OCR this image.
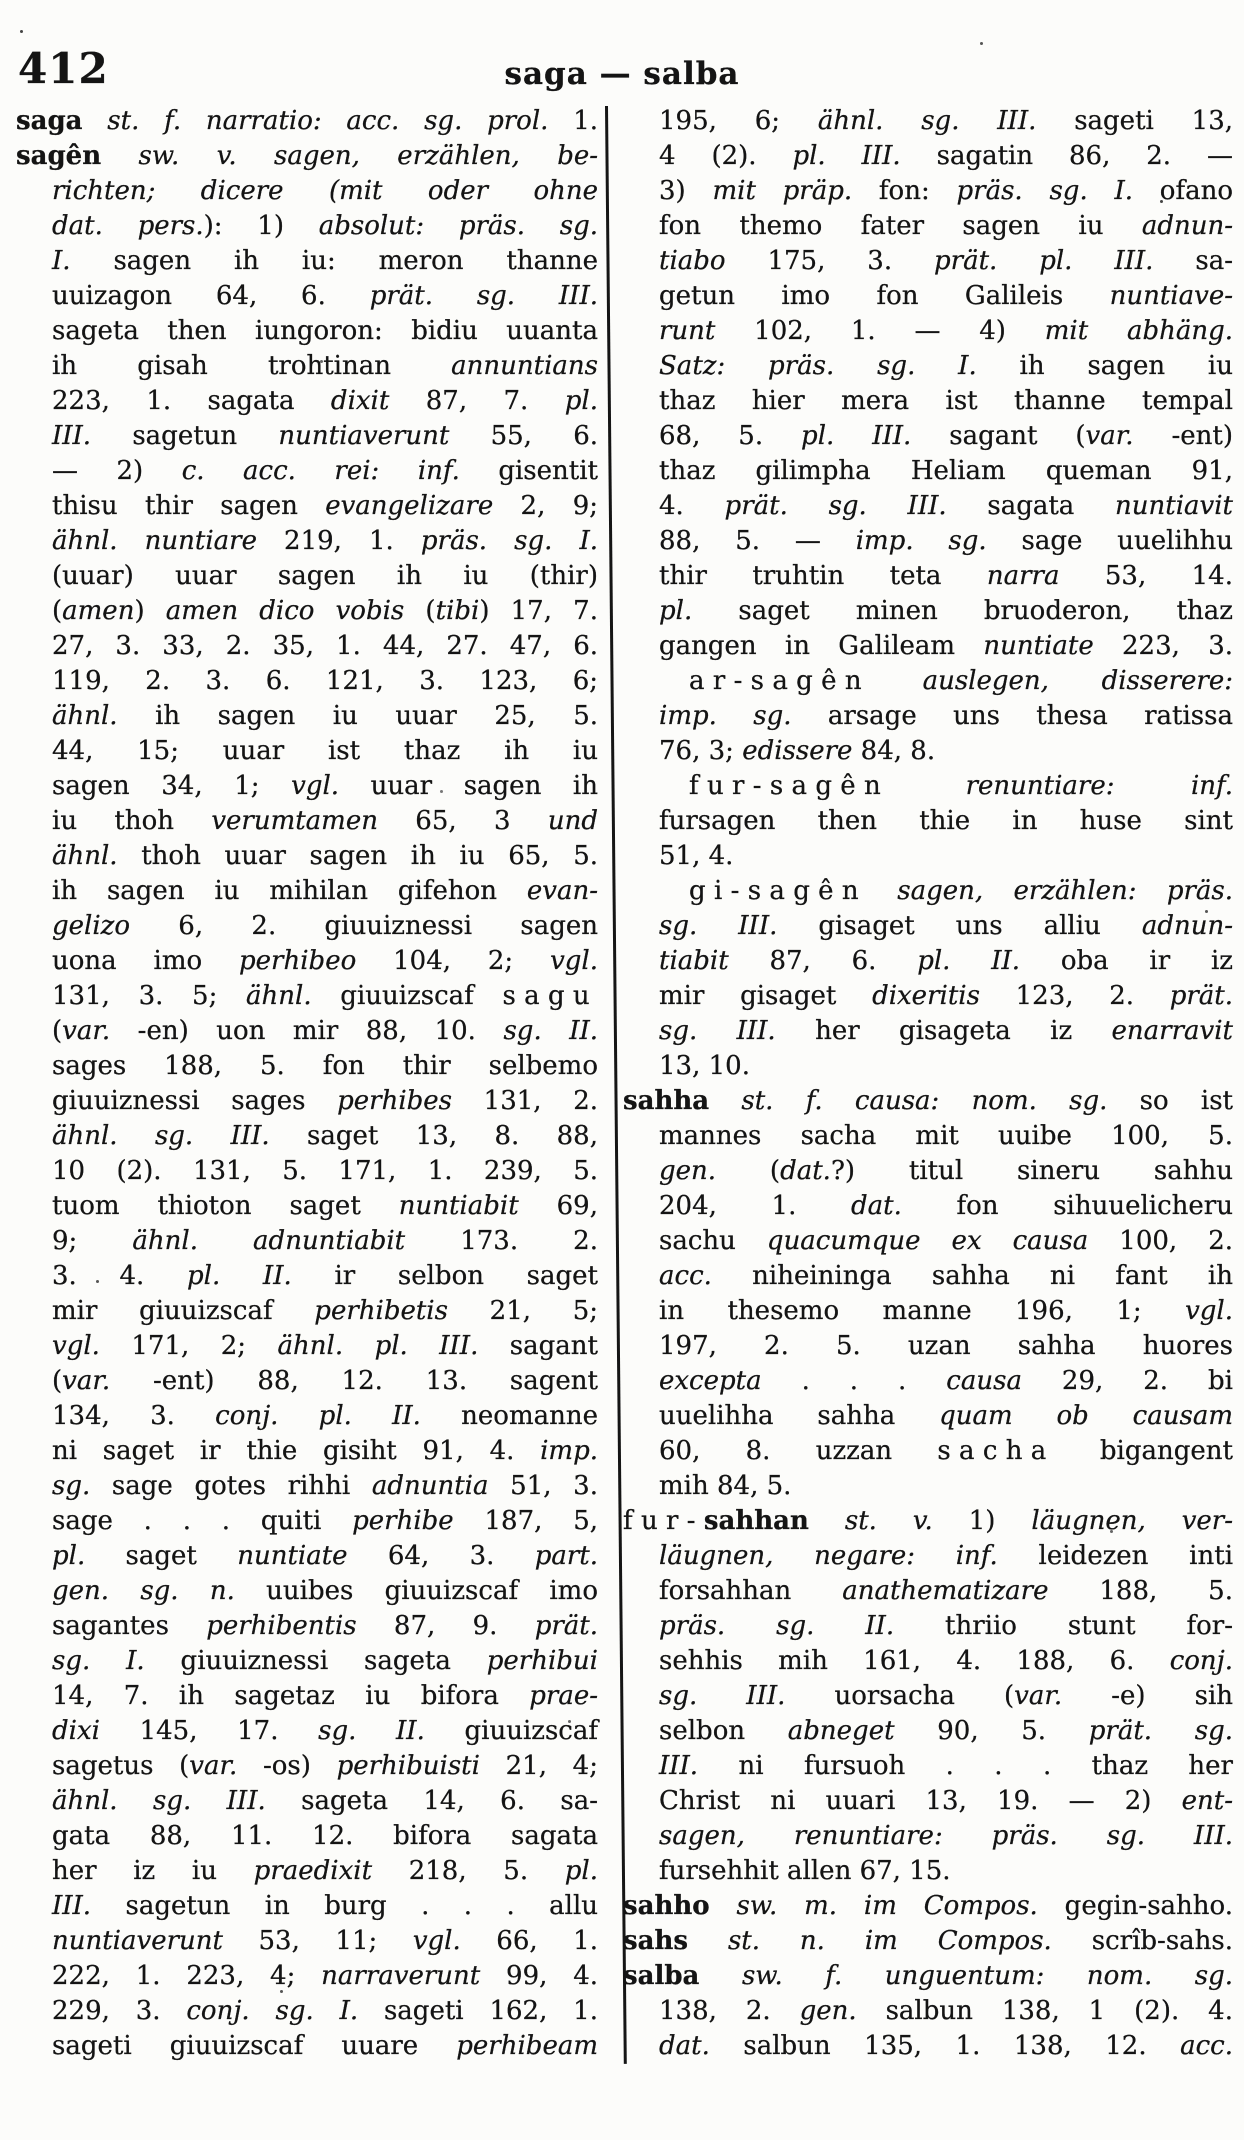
412	saga — salba
saga st. f. narratio: acc. sg. prol. 1.
sagên sw. v. sagen, erzählen, be-
richten; dicere (mit oder ohne
dat. pers.): 1) absolut: präs. sg.
I. sagen ih iu: meron thanne
uuizagon 64, 6. prät. sg. III.
sageta then iungoron: bidiu uuanta
ih gisah trohtinan annuntians
223, 1. sagata dixit 87, 7. pl.
III. sagetun nuntiaverunt 55, 6.
— 2) c. acc. rei: inf. gisentit
thisu thir sagen evangelizare 2, 9;
ähnl. nuntiare 219, 1. präs. sg. I.
(uuar) uuar sagen ih iu (thir)
(amen) amen dico vobis (tibi) 17, 7.
27, 3. 33, 2. 35, 1. 44, 27. 47, 6.
119, 2. 3. 6. 121, 3. 123, 6;
ähnl. ih sagen iu uuar 25, 5.
44, 15; uuar ist thaz ih iu
sagen 34, 1; vgl. uuar sagen ih
iu thoh verumtamen 65, 3 und
ähnl. thoh uuar sagen ih iu 65, 5.
ih sagen iu mihilan gifehon evan-
gelizo 6, 2. giuuiznessi sagen
uona imo perhibeo 104, 2; vgl.
131, 3. 5; ähnl. giuuizscaf sagu
(var. -en) uon mir 88, 10. sg. II.
sages 188, 5. fon thir selbemo
giuuiznessi sages perhibes 131, 2.
ähnl. sg. III. saget 13, 8. 88,
10 (2). 131, 5. 171, 1. 239, 5.
tuom thioton saget nuntiabit 69,
9; ähnl. adnuntiabit 173. 2.
3. 4. pl. II. ir selbon saget
mir giuuizscaf perhibetis 21, 5;
vgl. 171, 2; ähnl. pl. III. sagant
(var. -ent) 88, 12. 13. sagent
134, 3. conj. pl. II. neomanne
ni saget ir thie gisiht 91, 4. imp.
sg. sage gotes rihhi adnuntia 51, 3.
sage . . . quiti perhibe 187, 5,
pl. saget nuntiate 64, 3. part.
gen. sg. n. uuibes giuuizscaf imo
sagantes perhibentis 87, 9. prät.
sg. I. giuuiznessi sageta perhibui
14, 7. ih sagetaz iu bifora prae-
dixi 145, 17. sg. II. giuuizscaf
sagetus (var. -os) perhibuisti 21, 4;
ähnl. sg. III. sageta 14, 6. sa-
gata 88, 11. 12. bifora sagata
her iz iu praedixit 218, 5. pl.
III. sagetun in burg . . . allu
nuntiaverunt 53, 11; vgl. 66, 1.
222, 1. 223, 4; narraverunt 99, 4.
229, 3. conj. sg. I. sageti 162, 1.
sageti giuuizscaf uuare perhibeam
195, 6; ähnl. sg. III. sageti 13,
4 (2). pl. III. sagatin 86, 2. —
3) mit präp. fon: präs. sg. I. ofano
fon themo fater sagen iu adnun-
tiabo 175, 3. prät. pl. III. sa-
getun imo fon Galileis nuntiave-
runt 102, 1. — 4) mit abhäng.
Satz: präs. sg. I. ih sagen iu
thaz hier mera ist thanne tempal
68, 5. pl. III. sagant (var. -ent)
thaz gilimpha Heliam queman 91,
4. prät. sg. III. sagata nuntiavit
88, 5. — imp. sg. sage uuelihhu
thir truhtin teta narra 53, 14.
pl. saget minen bruoderon, thaz
gangen in Galileam nuntiate 223, 3.
ar-sagên auslegen, disserere:
imp. sg. arsage uns thesa ratissa
76, 3; edissere 84, 8.
fur-sagên	renuntiare: inf.
fursagen then thie in huse sint
51, 4.
gi-sagên sagen, erzählen: präs.
sg. III. gisaget uns alliu adnun-
tiabit 87, 6. pl. II. oba ir iz
mir gisaget dixeritis 123, 2. prät.
sg. III. her gisageta iz enarravit
13, 10.
sahha st. f. causa: nom. sg. so ist
mannes sacha mit uuibe 100, 5.
gen. (dat.?) titul sineru sahhu
204, 1. dat. fon sihuuelicheru
sachu quacumque ex causa 100, 2.
acc. niheininga sahha ni fant ih
in thesemo manne 196, 1; vgl.
197, 2. 5. uzan sahha huores
excepta . . . causa 29, 2. bi
uuelihha sahha quam ob causam
60, 8. uzzan sacha bigangent
mih 84, 5.
fur-sahhan st. v. 1) läugnen, ver-
läugnen, negare: inf. leidezen inti
forsahhan anathematizare 188, 5.
präs. sg. II. thriio stunt for-
sehhis mih 161, 4. 188, 6. conj.
sg. III. uorsacha (var. -e) sih
selbon abneget 90, 5. prät. sg.
III. ni fursuoh . . . thaz her
Christ ni uuari 13, 19. — 2) ent-
sagen, renuntiare: präs. sg. III.
fursehhit allen 67, 15.
sahho sw. m. im Compos. gegin-sahho.
sahs st. n. im Compos. scrîb-sahs.
salba sw. f. unguentum: nom. sg.
138, 2. gen. salbun 138, 1 (2). 4.
dat. salbun 135, 1. 138, 12. acc.
